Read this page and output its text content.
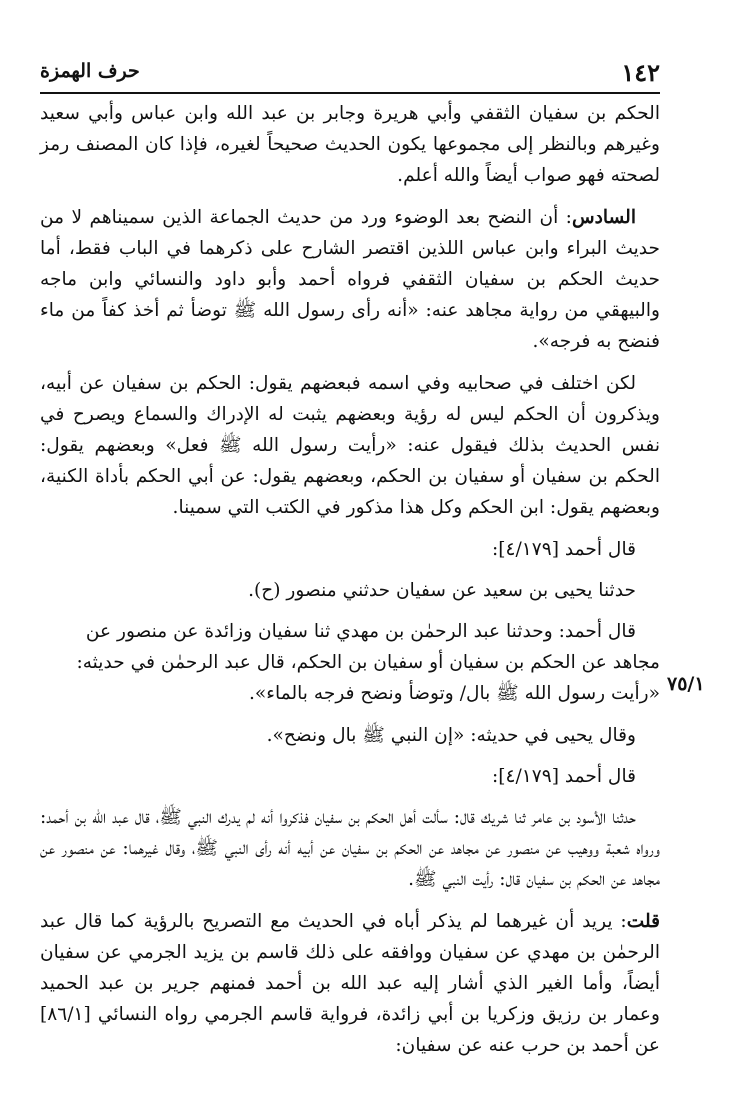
١٤٢
حرف الهمزة
٧٥/١

الحكم بن سفيان الثقفي وأبي هريرة وجابر بن عبد الله وابن عباس وأبي سعيد وغيرهم وبالنظر إلى مجموعها يكون الحديث صحيحاً لغيره، فإذا كان المصنف رمز لصحته فهو صواب أيضاً والله أعلم.

السادس: أن النضح بعد الوضوء ورد من حديث الجماعة الذين سميناهم لا من حديث البراء وابن عباس اللذين اقتصر الشارح على ذكرهما في الباب فقط، أما حديث الحكم بن سفيان الثقفي فرواه أحمد وأبو داود والنسائي وابن ماجه والبيهقي من رواية مجاهد عنه: «أنه رأى رسول الله ﷺ توضأ ثم أخذ كفاً من ماء فنضح به فرجه».

لكن اختلف في صحابيه وفي اسمه فبعضهم يقول: الحكم بن سفيان عن أبيه، ويذكرون أن الحكم ليس له رؤية وبعضهم يثبت له الإدراك والسماع ويصرح في نفس الحديث بذلك فيقول عنه: «رأيت رسول الله ﷺ فعل» وبعضهم يقول: الحكم بن سفيان أو سفيان بن الحكم، وبعضهم يقول: عن أبي الحكم بأداة الكنية، وبعضهم يقول: ابن الحكم وكل هذا مذكور في الكتب التي سمينا.

قال أحمد [٤/١٧٩]:

حدثنا يحيى بن سعيد عن سفيان حدثني منصور (ح).

قال أحمد: وحدثنا عبد الرحمٰن بن مهدي ثنا سفيان وزائدة عن منصور عن
مجاهد عن الحكم بن سفيان أو سفيان بن الحكم، قال عبد الرحمٰن في حديثه:
«رأيت رسول الله ﷺ بال/ وتوضأ ونضح فرجه بالماء».

وقال يحيى في حديثه: «إن النبي ﷺ بال ونضح».

قال أحمد [٤/١٧٩]:

حدثنا الأسود بن عامر ثنا شريك قال: سألت أهل الحكم بن سفيان فذكروا أنه لم يدرك النبي ﷺ، قال عبد الله بن أحمد: ورواه شعبة ووهيب عن منصور عن مجاهد عن الحكم بن سفيان عن أبيه أنه رأى النبي ﷺ، وقال غيرهما: عن منصور عن مجاهد عن الحكم بن سفيان قال: رأيت النبي ﷺ.

قلت: يريد أن غيرهما لم يذكر أباه في الحديث مع التصريح بالرؤية كما قال عبد الرحمٰن بن مهدي عن سفيان ووافقه على ذلك قاسم بن يزيد الجرمي عن سفيان أيضاً، وأما الغير الذي أشار إليه عبد الله بن أحمد فمنهم جرير بن عبد الحميد وعمار بن رزيق وزكريا بن أبي زائدة، فرواية قاسم الجرمي رواه النسائي [٨٦/١] عن أحمد بن حرب عنه عن سفيان:
